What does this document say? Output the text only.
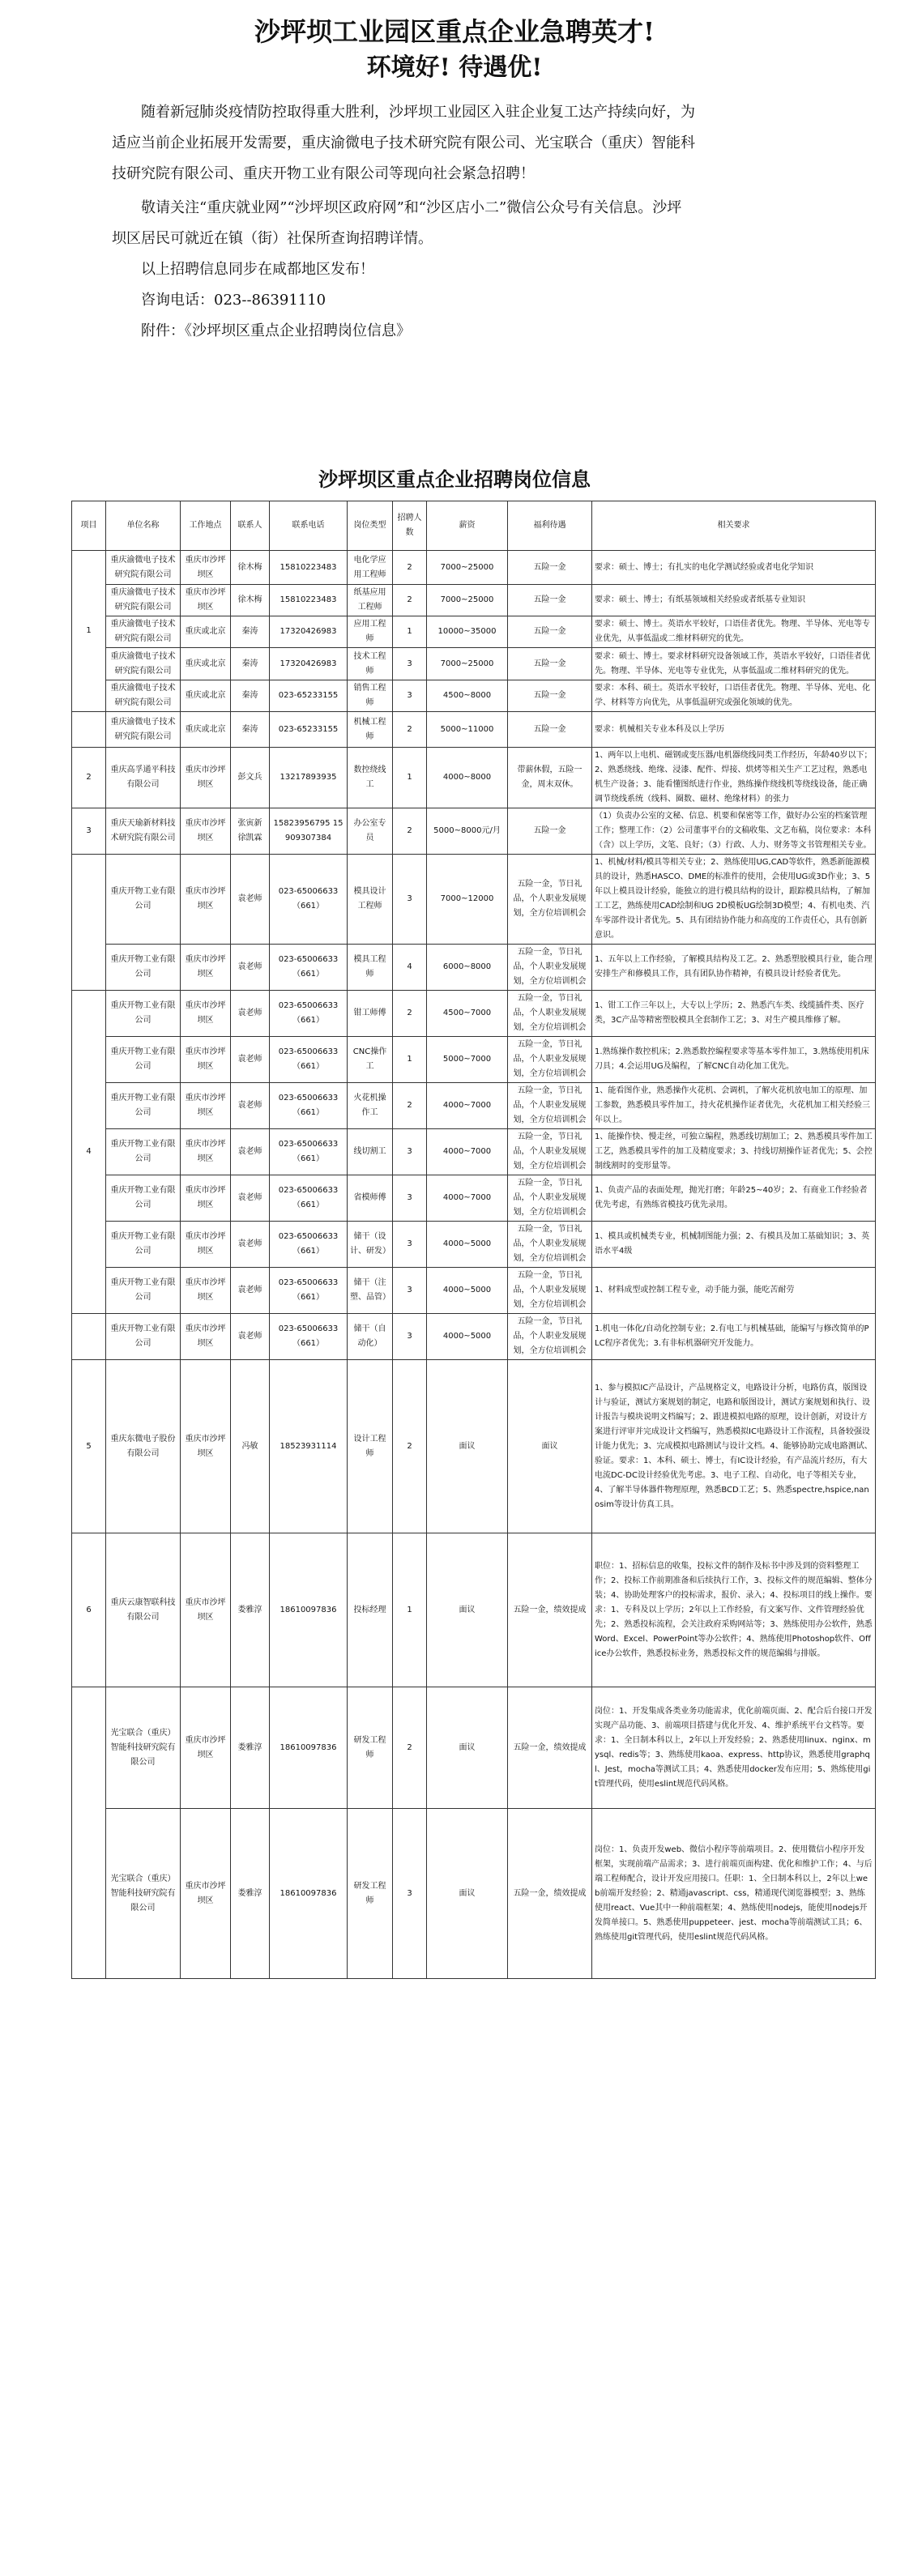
沙坪坝工业园区重点企业急聘英才!
环境好! 待遇优!

随着新冠肺炎疫情防控取得重大胜利，沙坪坝工业园区入驻企业复工达产持续向好，为适应当前企业拓展开发需要，重庆渝微电子技术研究院有限公司、光宝联合（重庆）智能科技研究院有限公司、重庆开物工业有限公司等现向社会紧急招聘！

敬请关注“重庆就业网”“沙坪坝区政府网”和“沙区店小二”微信公众号有关信息。沙坪坝区居民可就近在镇（街）社保所查询招聘详情。

以上招聘信息同步在咸都地区发布！

咨询电话：023--86391110

附件：《沙坪坝区重点企业招聘岗位信息》

沙坪坝区重点企业招聘岗位信息
项目	单位名称	工作地点	联系人	联系电话	岗位类型	招聘人数	薪资	福利待遇	相关要求
1	重庆渝微电子技术研究院有限公司	重庆市沙坪坝区	徐木梅	15810223483	电化学应用工程师	2	7000~25000	五险一金	要求：硕士、博士；有扎实的电化学测试经验或者电化学知识
	重庆渝微电子技术研究院有限公司	重庆市沙坪坝区	徐木梅	15810223483	纸基应用工程师	2	7000~25000	五险一金	要求：硕士、博士；有纸基领域相关经验或者纸基专业知识
	重庆渝微电子技术研究院有限公司	重庆或北京	秦涛	17320426983	应用工程师	1	10000~35000	五险一金	要求：硕士、博士。英语水平较好，口语佳者优先。物理、半导体、光电等专业优先，从事低温或二维材料研究的优先。
	重庆渝微电子技术研究院有限公司	重庆或北京	秦涛	17320426983	技术工程师	3	7000~25000	五险一金	要求：硕士、博士。要求材料研究设备领域工作，英语水平较好，口语佳者优先。物理、半导体、光电等专业优先，从事低温或二维材料研究的优先。
	重庆渝微电子技术研究院有限公司	重庆或北京	秦涛	023-65233155	销售工程师	3	4500~8000	五险一金	要求：本科、硕士。英语水平较好，口语佳者优先。物理、半导体、光电、化学、材料等方向优先，从事低温研究或强化领域的优先。
	重庆渝微电子技术研究院有限公司	重庆或北京	秦涛	023-65233155	机械工程师	2	5000~11000	五险一金	要求：机械相关专业本科及以上学历
2	重庆高孚通平科技有限公司	重庆市沙坪坝区	彭文兵	13217893935	数控绕线工	1	4000~8000	带薪休假，五险一金，周末双休。	1、两年以上电机、磁钢或变压器/电机器绕线同类工作经历，年龄40岁以下；2、熟悉绕线、绝缘、浸漆、配件、焊接、烘烤等相关生产工艺过程，熟悉电机生产设备；3、能看懂图纸进行作业，熟练操作绕线机等绕线设备，能正确调节绕线系统（线料、圈数、磁材、绝缘材料）的张力
3	重庆天瑜新材料技术研究院有限公司	重庆市沙坪坝区	张寅新 徐凯霖	15823956795 15909307384	办公室专员	2	5000~8000元/月	五险一金	（1）负责办公室的文秘、信息、机要和保密等工作，做好办公室的档案管理工作；整理工作：（2）公司董事平台的文稿收集、文艺布稿，岗位要求：本科（含）以上学历，文笔、良好；（3）行政、人力、财务等文书管理相关专业。
	重庆开物工业有限公司	重庆市沙坪坝区	袁老师	023-65006633（661）	模具设计工程师	3	7000~12000	五险一金，节日礼品，个人职业发展规划，全方位培训机会	1、机械/材料/模具等相关专业；2、熟练使用UG,CAD等软件，熟悉新能源模具的设计，熟悉HASCO、DME的标准件的使用，会使用UG或3D作业；3、5年以上模具设计经验，能独立的进行模具结构的设计，跟踪模具结构，了解加工工艺，熟练使用CAD绘制和UG 2D模板UG绘制3D模型；4、有机电类、汽车零部件设计者优先。5、具有团结协作能力和高度的工作责任心，具有创新意识。
	重庆开物工业有限公司	重庆市沙坪坝区	袁老师	023-65006633（661）	模具工程师	4	6000~8000	五险一金，节日礼品，个人职业发展规划，全方位培训机会	1、五年以上工作经验，了解模具结构及工艺。2、熟悉塑胶模具行业，能合理安排生产和修模具工作，具有团队协作精神，有模具设计经验者优先。
4	重庆开物工业有限公司	重庆市沙坪坝区	袁老师	023-65006633（661）	钳工师傅	2	4500~7000	五险一金，节日礼品，个人职业发展规划，全方位培训机会	1、钳工工作三年以上，大专以上学历；2、熟悉汽车类、线缆插件类、医疗类，3C产品等精密塑胶模具全套制作工艺；3、对生产模具维修了解。
	重庆开物工业有限公司	重庆市沙坪坝区	袁老师	023-65006633（661）	CNC操作工	1	5000~7000	五险一金，节日礼品，个人职业发展规划，全方位培训机会	1.熟练操作数控机床；2.熟悉数控编程要求等基本零件加工，3.熟练使用机床刀具；4.会运用UG及编程，了解CNC自动化加工优先。
	重庆开物工业有限公司	重庆市沙坪坝区	袁老师	023-65006633（661）	火花机操作工	2	4000~7000	五险一金，节日礼品，个人职业发展规划，全方位培训机会	1、能看图作业，熟悉操作火花机、会调机，了解火花机放电加工的原理、加工参数，熟悉模具零件加工，持火花机操作证者优先，火花机加工相关经验三年以上。
	重庆开物工业有限公司	重庆市沙坪坝区	袁老师	023-65006633（661）	线切割工	3	4000~7000	五险一金，节日礼品，个人职业发展规划，全方位培训机会	1、能操作快、慢走丝，可独立编程，熟悉线切割加工；2、熟悉模具零件加工工艺，熟悉模具零件的加工及精度要求；3、持线切割操作证者优先；5、会控制线割时的变形量等。
	重庆开物工业有限公司	重庆市沙坪坝区	袁老师	023-65006633（661）	省模师傅	3	4000~7000	五险一金，节日礼品，个人职业发展规划，全方位培训机会	1、负责产品的表面处理，抛光打磨；年龄25~40岁；2、有商业工作经验者优先考虑，有熟练省模技巧优先录用。
	重庆开物工业有限公司	重庆市沙坪坝区	袁老师	023-65006633（661）	储干（设计、研发）	3	4000~5000	五险一金，节日礼品，个人职业发展规划，全方位培训机会	1、模具或机械类专业，机械制图能力强；2、有模具及加工基础知识；3、英语水平4级
	重庆开物工业有限公司	重庆市沙坪坝区	袁老师	023-65006633（661）	储干（注塑、品管）	3	4000~5000	五险一金，节日礼品，个人职业发展规划，全方位培训机会	1、材料成型或控制工程专业，动手能力强，能吃苦耐劳
	重庆开物工业有限公司	重庆市沙坪坝区	袁老师	023-65006633（661）	储干（自动化）	3	4000~5000	五险一金，节日礼品，个人职业发展规划，全方位培训机会	1.机电一体化/自动化控制专业；2.有电工与机械基础，能编写与修改简单的PLC程序者优先；3.有非标机器研究开发能力。
5	重庆东微电子股份有限公司	重庆市沙坪坝区	冯敏	18523931114	设计工程师	2	面议	面议	1、参与模拟IC产品设计，产品规格定义，电路设计分析，电路仿真，版图设计与验证，测试方案规划的制定，电路和版图设计，测试方案规划和执行、设计报告与模块说明文档编写；2、跟进模拟电路的原理，设计创新，对设计方案进行评审并完成设计文档编写，熟悉模拟IC电路设计工作流程，具备较强设计能力优先；3、完成模拟电路测试与设计文档。4、能够协助完成电路测试、验证。要求：1、本科、硕士、博士，有IC设计经验，有产品流片经历，有大电流DC-DC设计经验优先考虑。3、电子工程、自动化，电子等相关专业，4、了解半导体器件物理原理，熟悉BCD工艺；5、熟悉spectre,hspice,nanosim等设计仿真工具。
6	重庆云康智联科技有限公司	重庆市沙坪坝区	娄雅淳	18610097836	投标经理	1	面议	五险一金，绩效提成	职位：1、招标信息的收集，投标文件的制作及标书中涉及到的资料整理工作；2、投标工作前期准备和后续执行工作，3、投标文件的规范编辑、整体分装；4、协助处理客户的投标需求，报价、录入；4、投标项目的线上操作。要求：1、专科及以上学历；2年以上工作经验，有文案写作、文件管理经验优先；2、熟悉投标流程，会关注政府采购网站等；3、熟练使用办公软件，熟悉Word、Excel、PowerPoint等办公软件；4、熟练使用Photoshop软件、Office办公软件，熟悉投标业务，熟悉投标文件的规范编辑与排版。
	光宝联合（重庆）智能科技研究院有限公司	重庆市沙坪坝区	娄雅淳	18610097836	研发工程师	2	面议	五险一金，绩效提成	岗位：1、开发集成各类业务功能需求，优化前端页面、2、配合后台接口开发实现产品功能、3、前端项目搭建与优化开发、4、维护系统平台文档等。要求：1、全日制本科以上，2年以上开发经验；2、熟悉使用linux、nginx、mysql、redis等；3、熟练使用kaoa、express、http协议，熟悉使用graphql、Jest，mocha等测试工具；4、熟悉使用docker发布应用；5、熟练使用git管理代码，使用eslint规范代码风格。
	光宝联合（重庆）智能科技研究院有限公司	重庆市沙坪坝区	娄雅淳	18610097836	研发工程师	3	面议	五险一金，绩效提成	岗位：1、负责开发web、微信小程序等前端项目。2、使用微信小程序开发框架，实现前端产品需求；3、进行前端页面构建、优化和维护工作；4、与后端工程师配合，设计开发应用接口。任职：1、全日制本科以上，2年以上web前端开发经验；2、精通javascript、css，精通现代浏览器模型；3、熟练使用react、Vue其中一种前端框架；4、熟练使用nodejs，能使用nodejs开发简单接口。5、熟悉使用puppeteer、jest、mocha等前端测试工具；6、熟练使用git管理代码，使用eslint规范代码风格。
